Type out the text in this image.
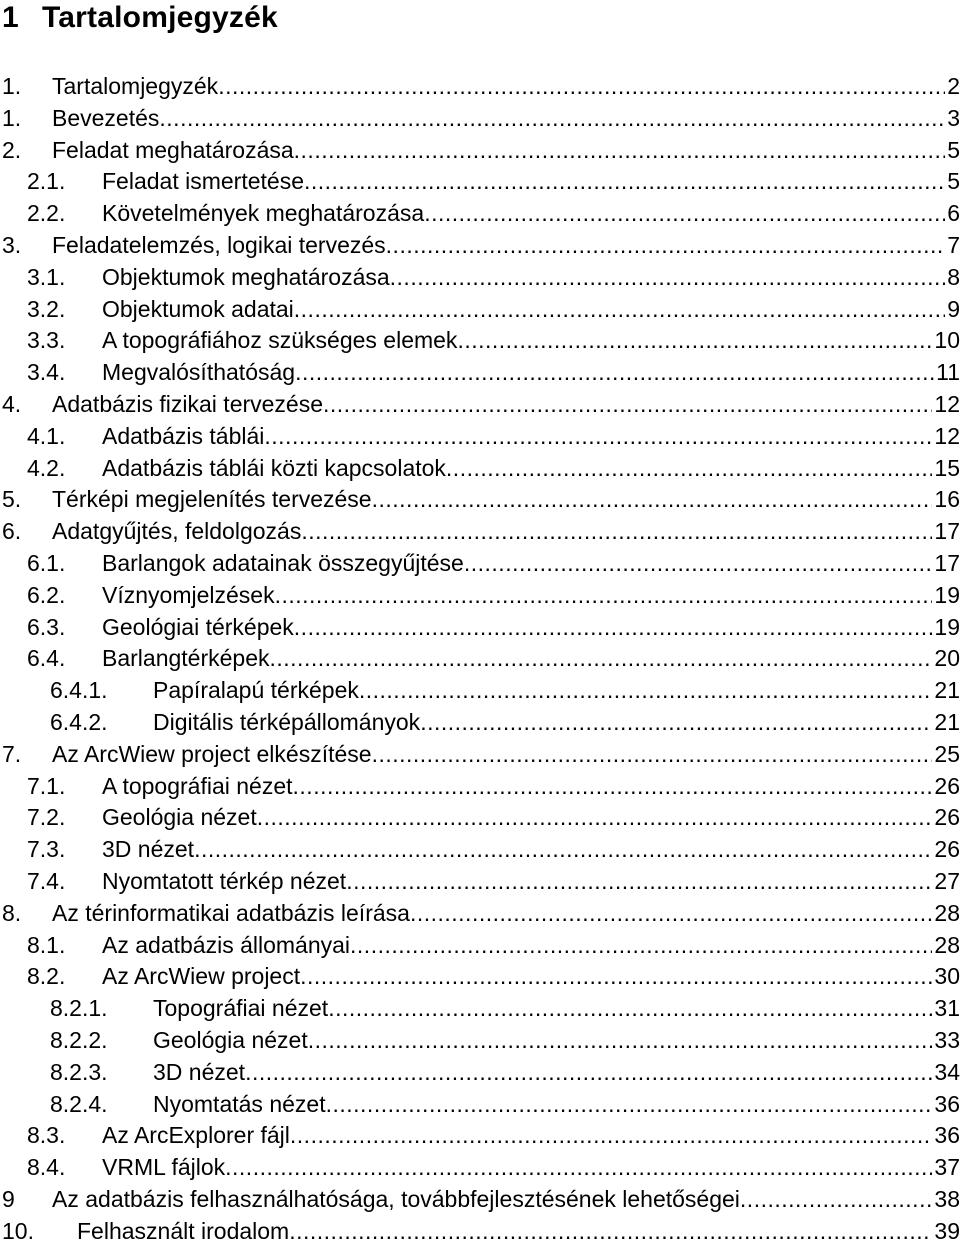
1 Tartalomjegyzék
1. Tartalomjegyzék .....	2
1. Bevezetés .....	3
2. Feladat meghatározása .....	5
2.1. Feladat ismertetése .....	5
2.2. Követelmények meghatározása .....	6
3. Feladatelemzés, logikai tervezés .....	7
3.1. Objektumok meghatározása .....	8
3.2. Objektumok adatai .....	9
3.3. A topográfiához szükséges elemek .....	10
3.4. Megvalósíthatóság .....	11
4. Adatbázis fizikai tervezése .....	12
4.1. Adatbázis táblái .....	12
4.2. Adatbázis táblái közti kapcsolatok .....	15
5. Térképi megjelenítés tervezése .....	16
6. Adatgyűjtés, feldolgozás .....	17
6.1. Barlangok adatainak összegyűjtése .....	17
6.2. Víznyomjelzések .....	19
6.3. Geológiai térképek .....	19
6.4. Barlangtérképek .....	20
6.4.1. Papíralapú térképek .....	21
6.4.2. Digitális térképállományok .....	21
7. Az ArcWiew project elkészítése .....	25
7.1. A topográfiai nézet .....	26
7.2. Geológia nézet .....	26
7.3. 3D nézet .....	26
7.4. Nyomtatott térkép nézet .....	27
8. Az térinformatikai adatbázis leírása .....	28
8.1. Az adatbázis állományai .....	28
8.2. Az ArcWiew project .....	30
8.2.1. Topográfiai nézet .....	31
8.2.2. Geológia nézet .....	33
8.2.3. 3D nézet .....	34
8.2.4. Nyomtatás nézet .....	36
8.3. Az ArcExplorer fájl .....	36
8.4. VRML fájlok .....	37
9 Az adatbázis felhasználhatósága, továbbfejlesztésének lehetőségei .....	38
10. Felhasznált irodalom .....	39
